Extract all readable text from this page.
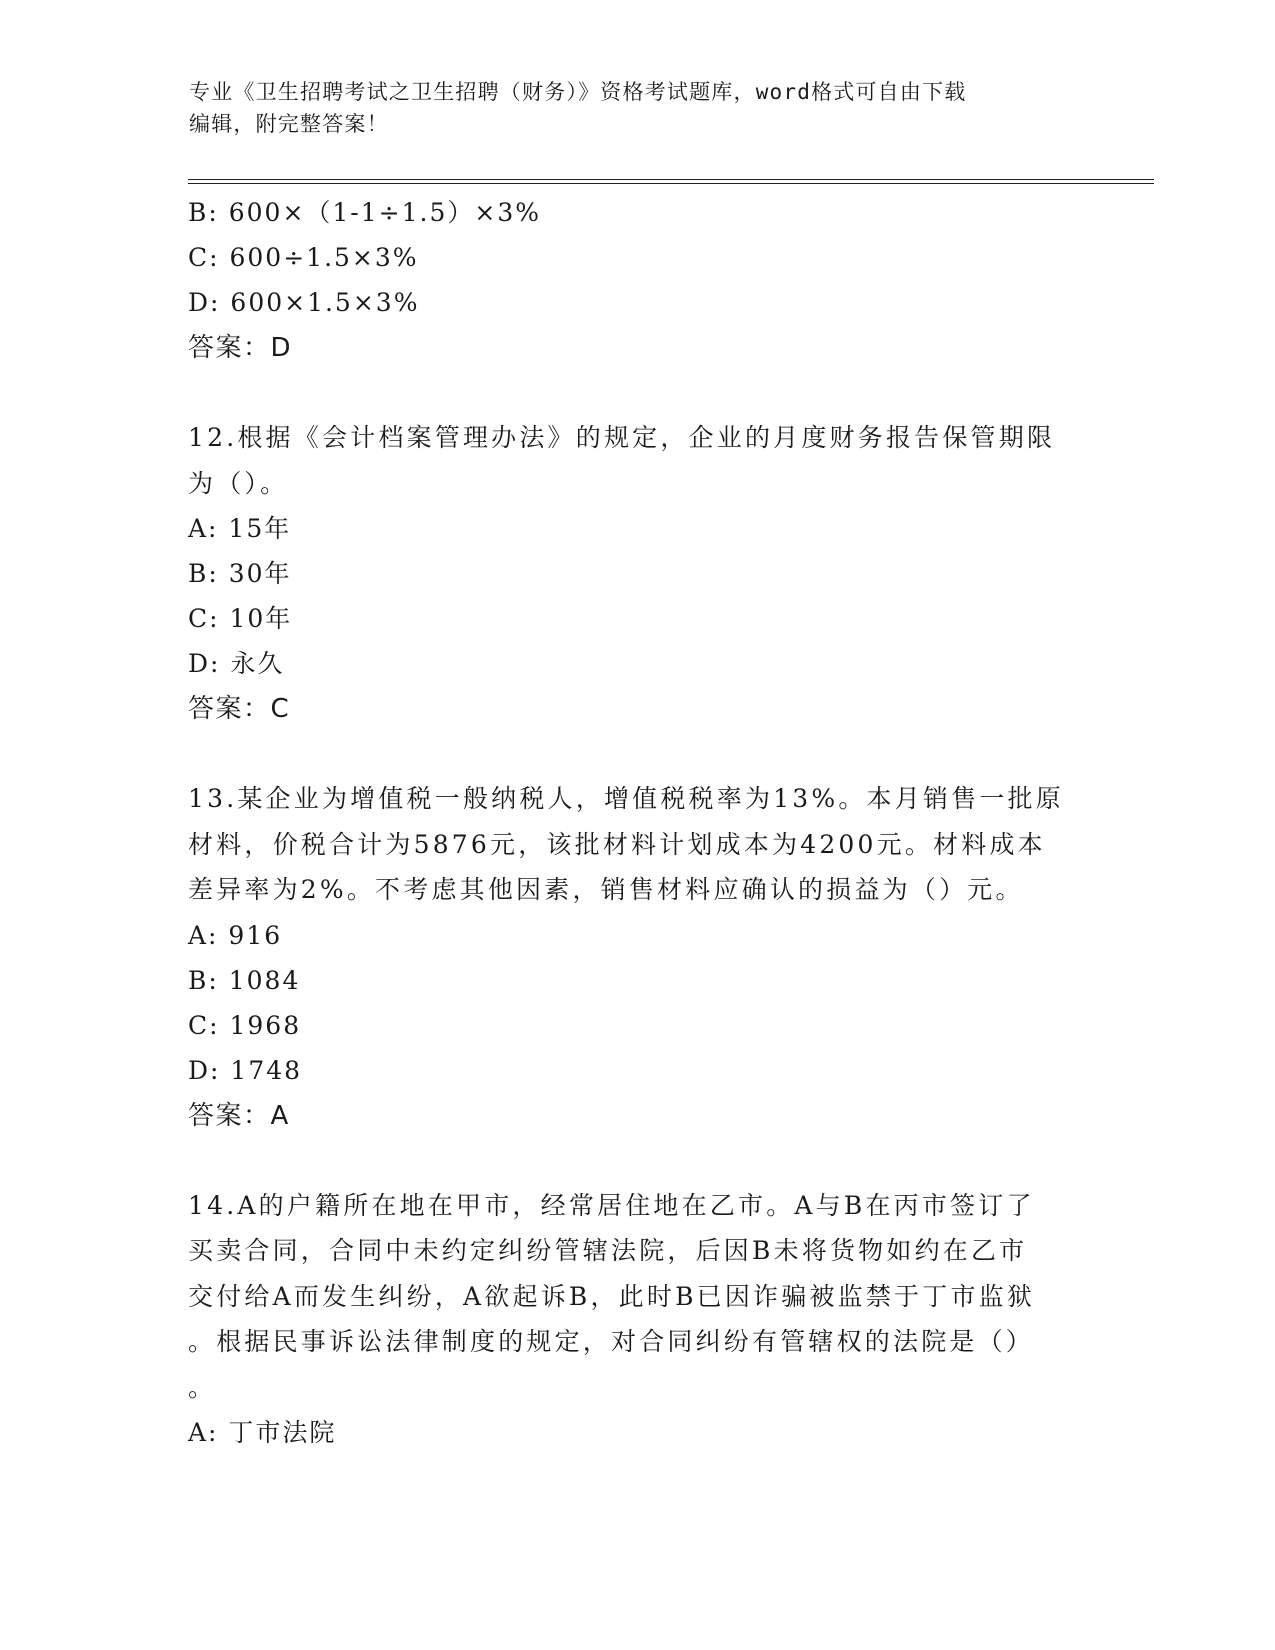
专业《卫生招聘考试之卫生招聘（财务）》资格考试题库，word格式可自由下载
编辑，附完整答案！
B: 600×（1-1÷1.5）×3%
C: 600÷1.5×3%
D: 600×1.5×3%
答案：D
12.根据《会计档案管理办法》的规定，企业的月度财务报告保管期限
为（）。
A: 15年
B: 30年
C: 10年
D: 永久
答案：C
13.某企业为增值税一般纳税人，增值税税率为13%。本月销售一批原
材料，价税合计为5876元，该批材料计划成本为4200元。材料成本
差异率为2%。不考虑其他因素，销售材料应确认的损益为（）元。
A: 916
B: 1084
C: 1968
D: 1748
答案：A
14.A的户籍所在地在甲市，经常居住地在乙市。A与B在丙市签订了
买卖合同，合同中未约定纠纷管辖法院，后因B未将货物如约在乙市
交付给A而发生纠纷，A欲起诉B，此时B已因诈骗被监禁于丁市监狱
。根据民事诉讼法律制度的规定，对合同纠纷有管辖权的法院是（）
。
A: 丁市法院
